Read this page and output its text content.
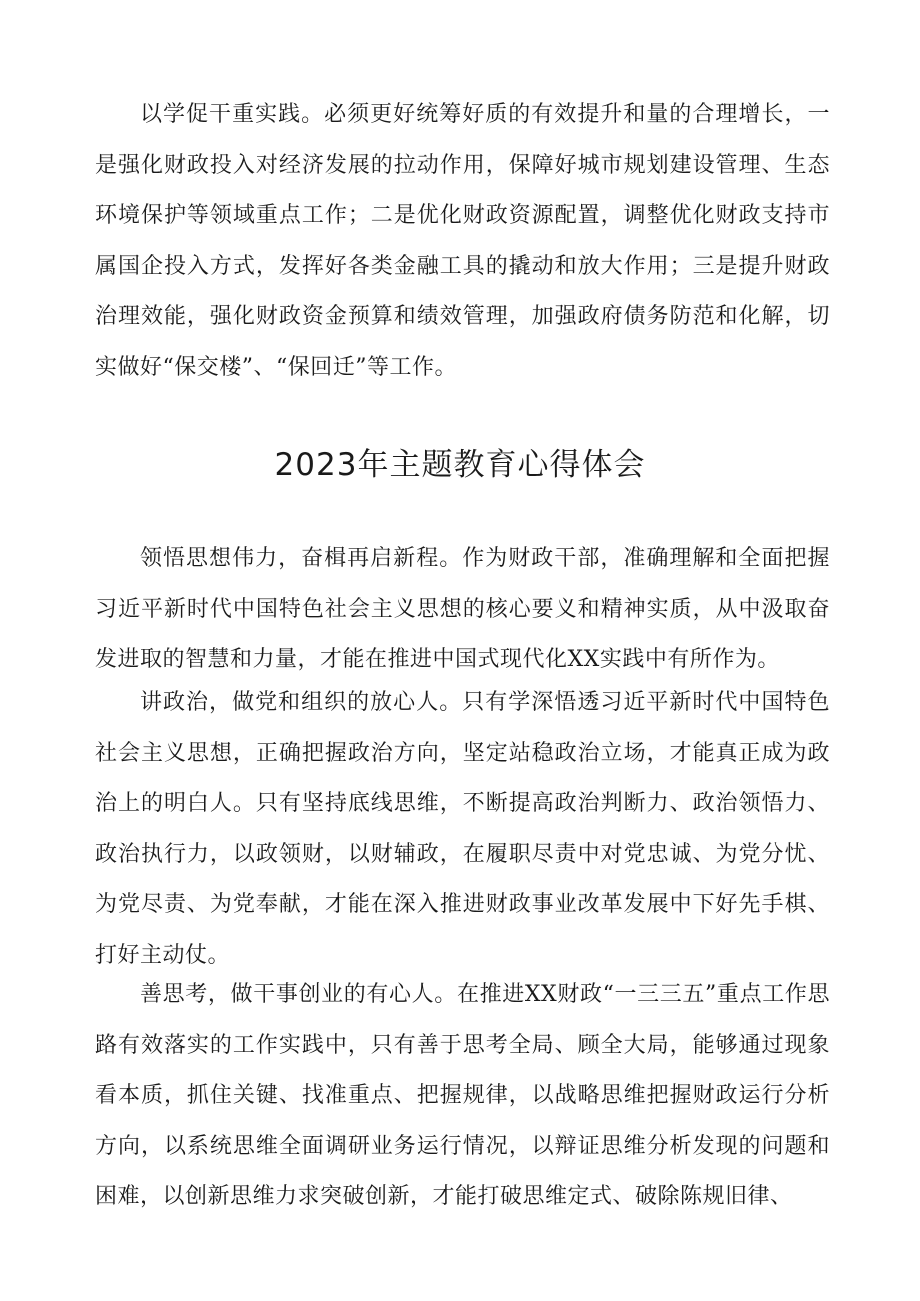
以学促干重实践。必须更好统筹好质的有效提升和量的合理增长，一是强化财政投入对经济发展的拉动作用，保障好城市规划建设管理、生态环境保护等领域重点工作；二是优化财政资源配置，调整优化财政支持市属国企投入方式，发挥好各类金融工具的撬动和放大作用；三是提升财政治理效能，强化财政资金预算和绩效管理，加强政府债务防范和化解，切实做好“保交楼”、“保回迁”等工作。

2023年主题教育心得体会

领悟思想伟力，奋楫再启新程。作为财政干部，准确理解和全面把握习近平新时代中国特色社会主义思想的核心要义和精神实质，从中汲取奋发进取的智慧和力量，才能在推进中国式现代化XX实践中有所作为。

讲政治，做党和组织的放心人。只有学深悟透习近平新时代中国特色社会主义思想，正确把握政治方向，坚定站稳政治立场，才能真正成为政治上的明白人。只有坚持底线思维，不断提高政治判断力、政治领悟力、政治执行力，以政领财，以财辅政，在履职尽责中对党忠诚、为党分忧、为党尽责、为党奉献，才能在深入推进财政事业改革发展中下好先手棋、打好主动仗。

善思考，做干事创业的有心人。在推进XX财政“一三三五”重点工作思路有效落实的工作实践中，只有善于思考全局、顾全大局，能够通过现象看本质，抓住关键、找准重点、把握规律，以战略思维把握财政运行分析方向，以系统思维全面调研业务运行情况，以辩证思维分析发现的问题和困难，以创新思维力求突破创新，才能打破思维定式、破除陈规旧律、
